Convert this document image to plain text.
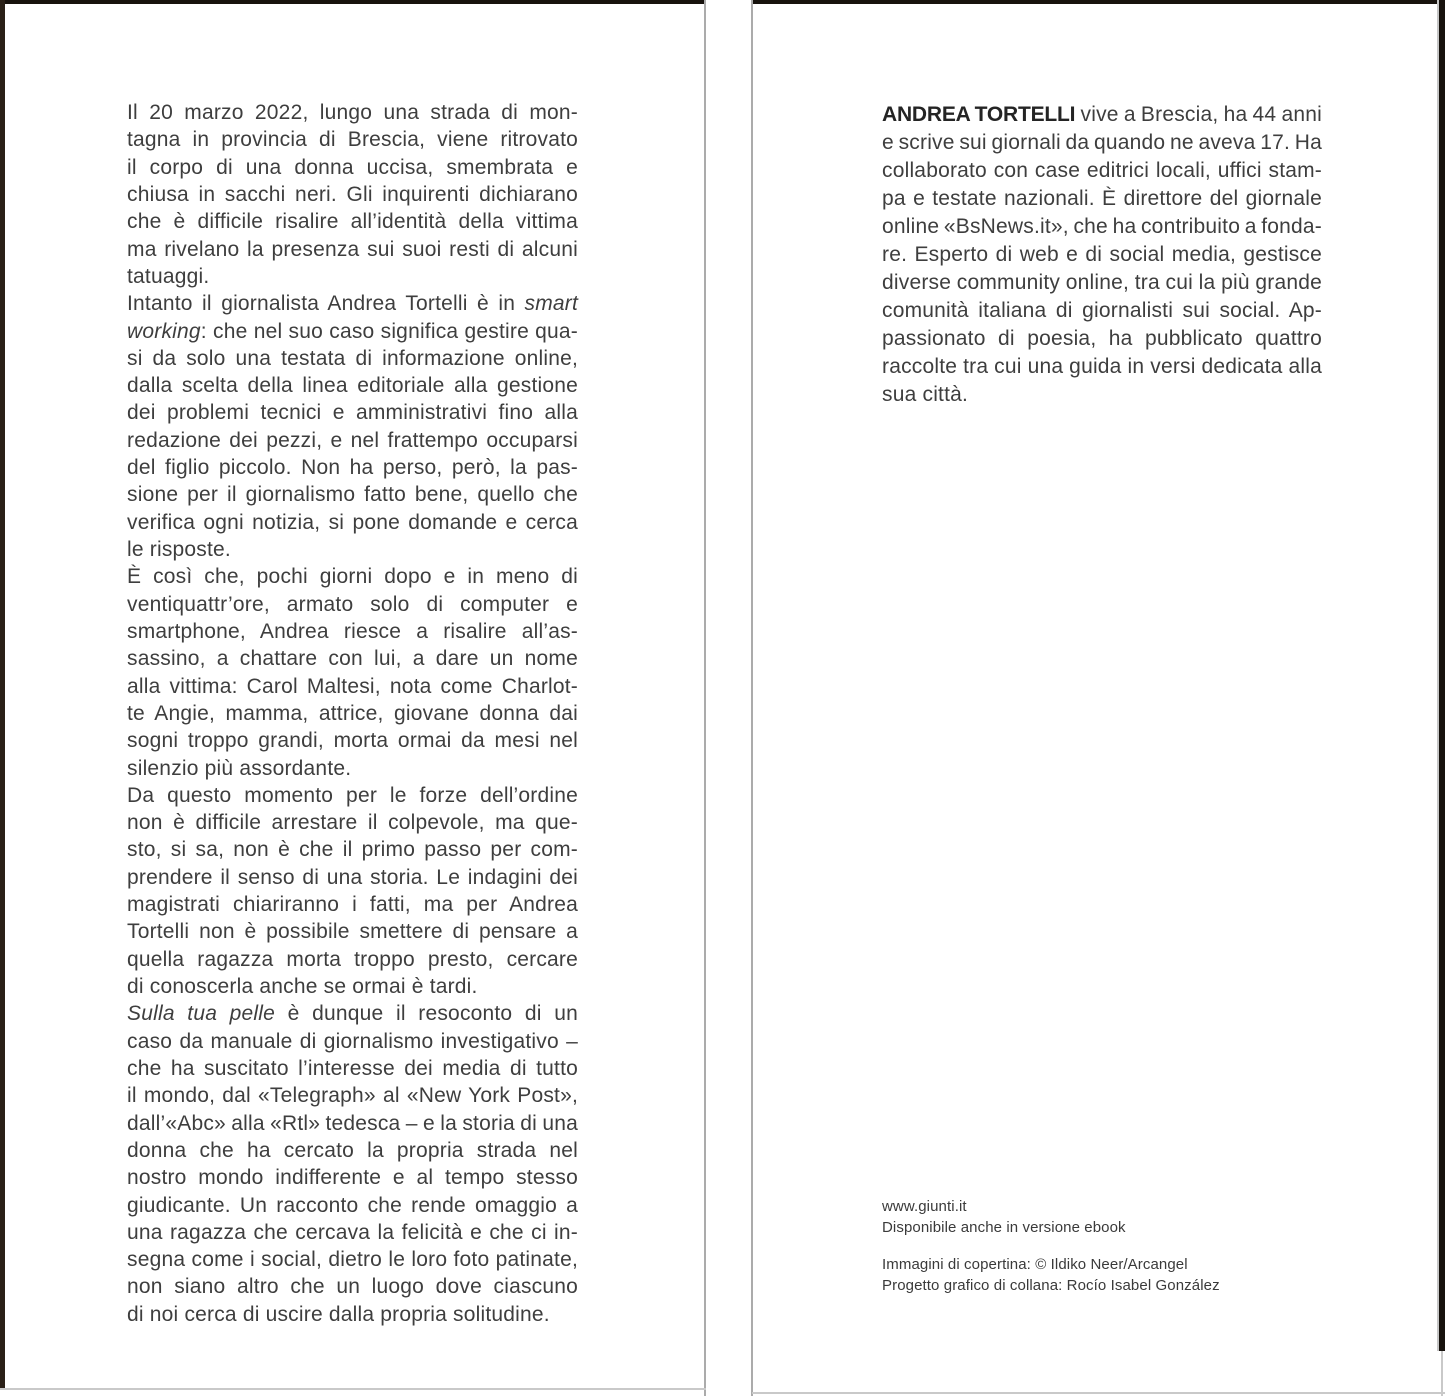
Il 20 marzo 2022, lungo una strada di mon-
tagna in provincia di Brescia, viene ritrovato
il corpo di una donna uccisa, smembrata e
chiusa in sacchi neri. Gli inquirenti dichiarano
che è difficile risalire all’identità della vittima
ma rivelano la presenza sui suoi resti di alcuni
tatuaggi.
Intanto il giornalista Andrea Tortelli è in smart
working: che nel suo caso significa gestire qua-
si da solo una testata di informazione online,
dalla scelta della linea editoriale alla gestione
dei problemi tecnici e amministrativi fino alla
redazione dei pezzi, e nel frattempo occuparsi
del figlio piccolo. Non ha perso, però, la pas-
sione per il giornalismo fatto bene, quello che
verifica ogni notizia, si pone domande e cerca
le risposte.
È così che, pochi giorni dopo e in meno di
ventiquattr’ore, armato solo di computer e
smartphone, Andrea riesce a risalire all’as-
sassino, a chattare con lui, a dare un nome
alla vittima: Carol Maltesi, nota come Charlot-
te Angie, mamma, attrice, giovane donna dai
sogni troppo grandi, morta ormai da mesi nel
silenzio più assordante.
Da questo momento per le forze dell’ordine
non è difficile arrestare il colpevole, ma que-
sto, si sa, non è che il primo passo per com-
prendere il senso di una storia. Le indagini dei
magistrati chiariranno i fatti, ma per Andrea
Tortelli non è possibile smettere di pensare a
quella ragazza morta troppo presto, cercare
di conoscerla anche se ormai è tardi.
Sulla tua pelle è dunque il resoconto di un
caso da manuale di giornalismo investigativo –
che ha suscitato l’interesse dei media di tutto
il mondo, dal «Telegraph» al «New York Post»,
dall’«Abc» alla «Rtl» tedesca – e la storia di una
donna che ha cercato la propria strada nel
nostro mondo indifferente e al tempo stesso
giudicante. Un racconto che rende omaggio a
una ragazza che cercava la felicità e che ci in-
segna come i social, dietro le loro foto patinate,
non siano altro che un luogo dove ciascuno
di noi cerca di uscire dalla propria solitudine.
ANDREA TORTELLI vive a Brescia, ha 44 anni
e scrive sui giornali da quando ne aveva 17. Ha
collaborato con case editrici locali, uffici stam-
pa e testate nazionali. È direttore del giornale
online «BsNews.it», che ha contribuito a fonda-
re. Esperto di web e di social media, gestisce
diverse community online, tra cui la più grande
comunità italiana di giornalisti sui social. Ap-
passionato di poesia, ha pubblicato quattro
raccolte tra cui una guida in versi dedicata alla
sua città.
www.giunti.it
Disponibile anche in versione ebook
Immagini di copertina: © Ildiko Neer/Arcangel
Progetto grafico di collana: Rocío Isabel González
